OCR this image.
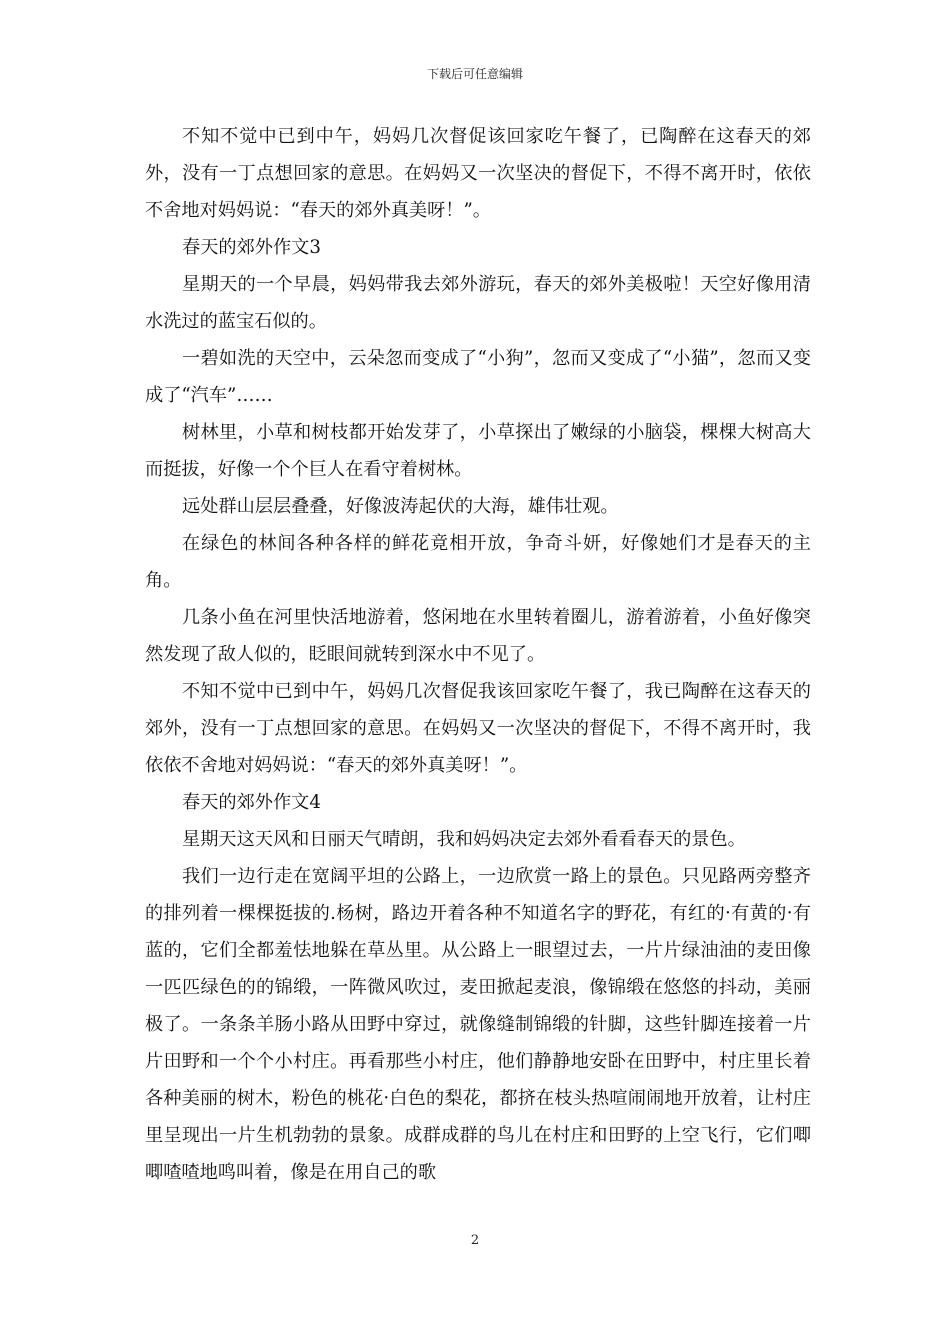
下载后可任意编辑

不知不觉中已到中午，妈妈几次督促该回家吃午餐了，已陶醉在这春天的郊外，没有一丁点想回家的意思。在妈妈又一次坚决的督促下，不得不离开时，依依不舍地对妈妈说：“春天的郊外真美呀！”。

春天的郊外作文3

星期天的一个早晨，妈妈带我去郊外游玩，春天的郊外美极啦！天空好像用清水洗过的蓝宝石似的。

一碧如洗的天空中，云朵忽而变成了“小狗”，忽而又变成了“小猫”，忽而又变成了“汽车”……

树林里，小草和树枝都开始发芽了，小草探出了嫩绿的小脑袋，棵棵大树高大而挺拔，好像一个个巨人在看守着树林。

远处群山层层叠叠，好像波涛起伏的大海，雄伟壮观。

在绿色的林间各种各样的鲜花竟相开放，争奇斗妍，好像她们才是春天的主角。

几条小鱼在河里快活地游着，悠闲地在水里转着圈儿，游着游着，小鱼好像突然发现了敌人似的，眨眼间就转到深水中不见了。

不知不觉中已到中午，妈妈几次督促我该回家吃午餐了，我已陶醉在这春天的郊外，没有一丁点想回家的意思。在妈妈又一次坚决的督促下，不得不离开时，我依依不舍地对妈妈说：“春天的郊外真美呀！”。

春天的郊外作文4

星期天这天风和日丽天气晴朗，我和妈妈决定去郊外看看春天的景色。

我们一边行走在宽阔平坦的公路上，一边欣赏一路上的景色。只见路两旁整齐的排列着一棵棵挺拔的.杨树，路边开着各种不知道名字的野花，有红的·有黄的·有蓝的，它们全都羞怯地躲在草丛里。从公路上一眼望过去，一片片绿油油的麦田像一匹匹绿色的的锦缎，一阵微风吹过，麦田掀起麦浪，像锦缎在悠悠的抖动，美丽极了。一条条羊肠小路从田野中穿过，就像缝制锦缎的针脚，这些针脚连接着一片片田野和一个个小村庄。再看那些小村庄，他们静静地安卧在田野中，村庄里长着各种美丽的树木，粉色的桃花·白色的梨花，都挤在枝头热喧闹闹地开放着，让村庄里呈现出一片生机勃勃的景象。成群成群的鸟儿在村庄和田野的上空飞行，它们唧唧喳喳地鸣叫着，像是在用自己的歌

2
